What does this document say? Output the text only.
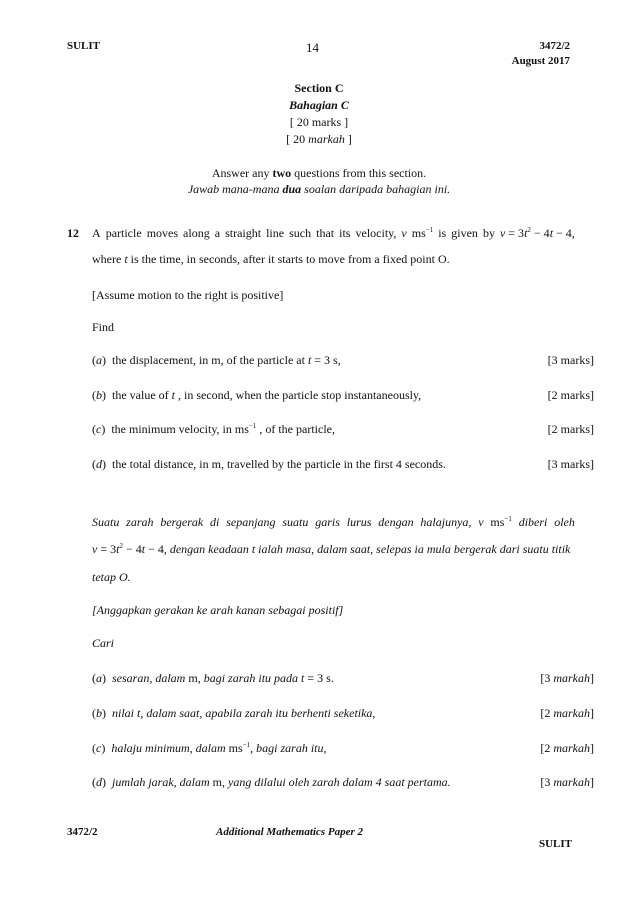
SULIT	14	3472/2
August 2017
Section C
Bahagian C
[ 20 marks ]
[ 20 markah ]
Answer any two questions from this section.
Jawab mana-mana dua soalan daripada bahagian ini.
12 A particle moves along a straight line such that its velocity, v $ms^{-1}$ is given by $v = 3t^2 - 4t - 4$,
where t is the time, in seconds, after it starts to move from a fixed point O.
[Assume motion to the right is positive]
Find
(a)  the displacement, in m, of the particle at t = 3 s,	[3 marks]
(b)  the value of t , in second, when the particle stop instantaneously,	[2 marks]
(c)  the minimum velocity, in $ms^{-1}$ , of the particle,	[2 marks]
(d)  the total distance, in m, travelled by the particle in the first 4 seconds.	[3 marks]
Suatu zarah bergerak di sepanjang suatu garis lurus dengan halajunya, v $ms^{-1}$ diberi oleh
$v = 3t^2 - 4t - 4$, dengan keadaan t ialah masa, dalam saat, selepas ia mula bergerak dari suatu titik
tetap O.
[Anggapkan gerakan ke arah kanan sebagai positif]
Cari
(a) sesaran, dalam m, bagi zarah itu pada t = 3 s.	[3 markah]
(b) nilai t, dalam saat, apabila zarah itu berhenti seketika,	[2 markah]
(c) halaju minimum, dalam $ms^{-1}$, bagi zarah itu,	[2 markah]
(d) jumlah jarak, dalam m, yang dilalui oleh zarah dalam 4 saat pertama.	[3 markah]
3472/2	Additional Mathematics Paper 2
SULIT
